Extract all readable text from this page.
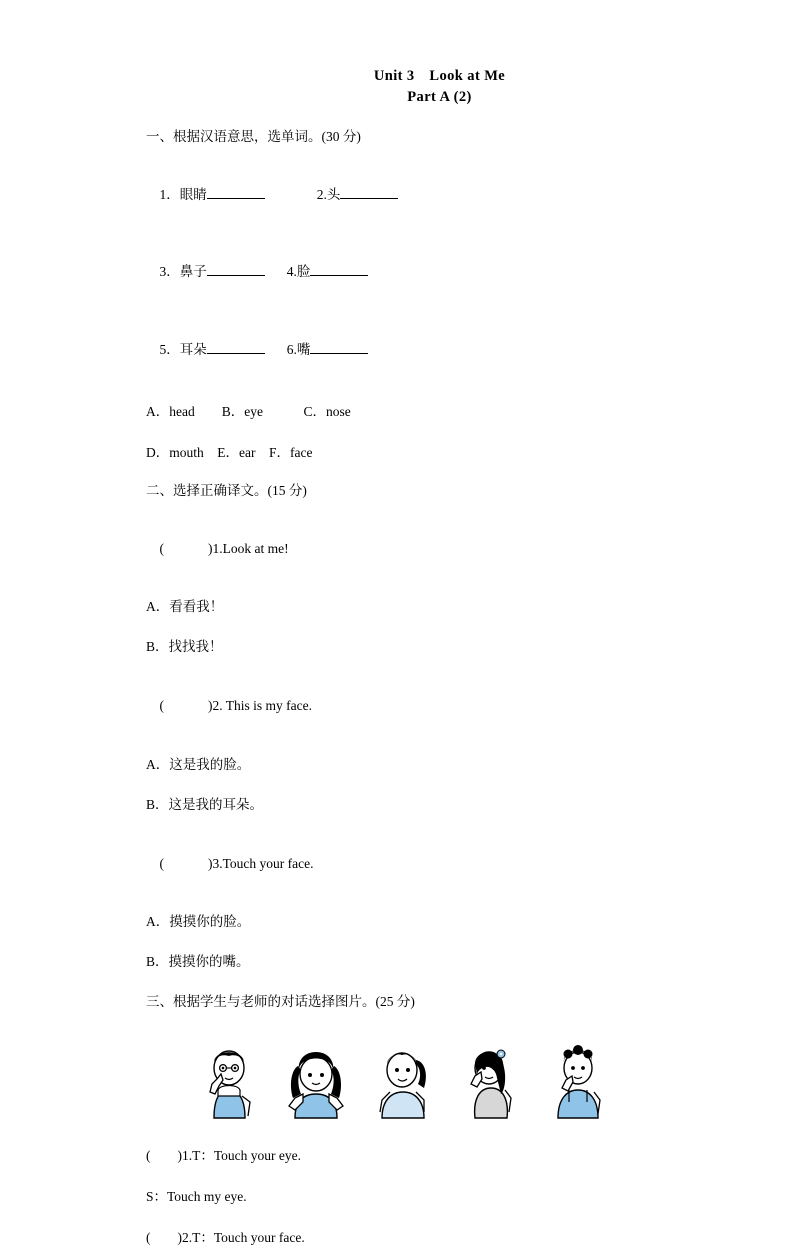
Unit 3 Look at Me
Part A (2)
一、根据汉语意思，选单词。(30 分)

1．眼睛	2.头

3．鼻子	4.脸

5．耳朵	6.嘴

A．head  B．eye   C．nose
D．mouth E．ear F．face
二、选择正确译文。(15 分)

(	)1.Look at me!

A．看看我！
B．找找我！

(	)2. This is my face.

A．这是我的脸。
B．这是我的耳朵。

(	)3.Touch your face.

A．摸摸你的脸。
B．摸摸你的嘴。
三、根据学生与老师的对话选择图片。(25 分)
(　　)1.T：Touch your eye.
S：Touch my eye.
(　　)2.T：Touch your face.
